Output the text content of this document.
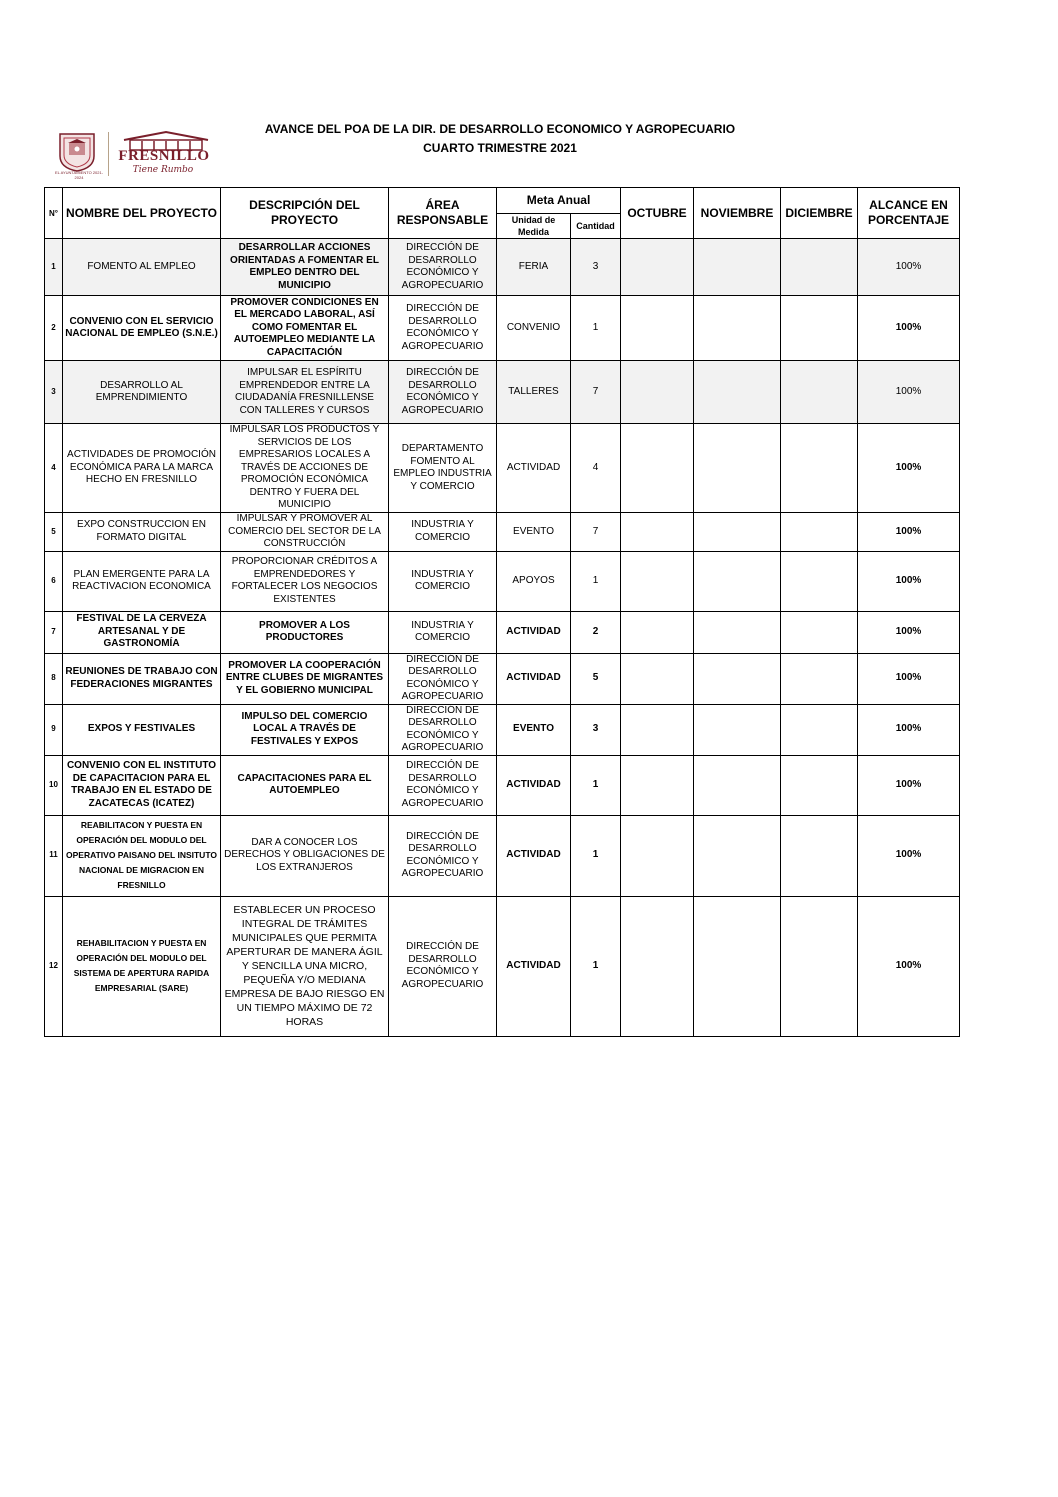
EL AYUNTAMIENTO 2021-2024
FRESNILLO
Tiene Rumbo
AVANCE DEL POA DE LA DIR. DE DESARROLLO ECONOMICO Y AGROPECUARIO
CUARTO TRIMESTRE 2021
N°	NOMBRE DEL PROYECTO	DESCRIPCIÓN DEL PROYECTO	ÁREA RESPONSABLE	Meta Anual		OCTUBRE	NOVIEMBRE	DICIEMBRE	ALCANCE EN PORCENTAJE
				Unidad de Medida	Cantidad				
1	FOMENTO AL EMPLEO	DESARROLLAR ACCIONES ORIENTADAS A FOMENTAR EL EMPLEO DENTRO DEL MUNICIPIO	DIRECCIÓN DE DESARROLLO ECONÓMICO Y AGROPECUARIO	FERIA	3				100%
2	CONVENIO CON EL SERVICIO NACIONAL DE EMPLEO (S.N.E.)	PROMOVER CONDICIONES EN EL MERCADO LABORAL, ASÍ COMO FOMENTAR EL AUTOEMPLEO MEDIANTE LA CAPACITACIÓN	DIRECCIÓN DE DESARROLLO ECONÓMICO Y AGROPECUARIO	CONVENIO	1				100%
3	DESARROLLO AL EMPRENDIMIENTO	IMPULSAR EL ESPÍRITU EMPRENDEDOR ENTRE LA CIUDADANÍA FRESNILLENSE CON TALLERES Y CURSOS	DIRECCIÓN DE DESARROLLO ECONÓMICO Y AGROPECUARIO	TALLERES	7				100%
4	ACTIVIDADES DE PROMOCIÓN ECONÓMICA PARA LA MARCA HECHO EN FRESNILLO	IMPULSAR LOS PRODUCTOS Y SERVICIOS DE LOS EMPRESARIOS LOCALES A TRAVÉS DE ACCIONES DE PROMOCIÓN ECONÓMICA DENTRO Y FUERA DEL MUNICIPIO	DEPARTAMENTO FOMENTO AL EMPLEO INDUSTRIA Y COMERCIO	ACTIVIDAD	4				100%
5	EXPO CONSTRUCCION EN FORMATO DIGITAL	IMPULSAR Y PROMOVER AL COMERCIO DEL SECTOR DE LA CONSTRUCCIÓN	INDUSTRIA Y COMERCIO	EVENTO	7				100%
6	PLAN EMERGENTE PARA LA REACTIVACION ECONOMICA	PROPORCIONAR CRÉDITOS A EMPRENDEDORES Y FORTALECER LOS NEGOCIOS EXISTENTES	INDUSTRIA Y COMERCIO	APOYOS	1				100%
7	FESTIVAL DE LA CERVEZA ARTESANAL Y DE GASTRONOMÍA	PROMOVER A LOS PRODUCTORES	INDUSTRIA Y COMERCIO	ACTIVIDAD	2				100%
8	REUNIONES DE TRABAJO CON FEDERACIONES MIGRANTES	PROMOVER LA COOPERACIÓN ENTRE CLUBES DE MIGRANTES Y EL GOBIERNO MUNICIPAL	DIRECCIÓN DE DESARROLLO ECONÓMICO Y AGROPECUARIO	ACTIVIDAD	5				100%
9	EXPOS Y FESTIVALES	IMPULSO DEL COMERCIO LOCAL A TRAVÉS DE FESTIVALES Y EXPOS	DIRECCIÓN DE DESARROLLO ECONÓMICO Y AGROPECUARIO	EVENTO	3				100%
10	CONVENIO CON EL INSTITUTO DE CAPACITACION PARA EL TRABAJO EN EL ESTADO DE ZACATECAS (ICATEZ)	CAPACITACIONES PARA EL AUTOEMPLEO	DIRECCIÓN DE DESARROLLO ECONÓMICO Y AGROPECUARIO	ACTIVIDAD	1				100%
11	REABILITACON Y PUESTA EN OPERACIÓN DEL MODULO DEL OPERATIVO PAISANO DEL INSITUTO NACIONAL DE MIGRACION EN FRESNILLO	DAR A CONOCER LOS DERECHOS Y OBLIGACIONES DE LOS EXTRANJEROS	DIRECCIÓN DE DESARROLLO ECONÓMICO Y AGROPECUARIO	ACTIVIDAD	1				100%
12	REHABILITACION Y PUESTA EN OPERACIÓN DEL MODULO DEL SISTEMA DE APERTURA RAPIDA EMPRESARIAL (SARE)	ESTABLECER UN PROCESO INTEGRAL DE TRÁMITES MUNICIPALES QUE PERMITA APERTURAR DE MANERA ÁGIL Y SENCILLA UNA MICRO, PEQUEÑA Y/O MEDIANA EMPRESA DE BAJO RIESGO EN UN TIEMPO MÁXIMO DE 72 HORAS	DIRECCIÓN DE DESARROLLO ECONÓMICO Y AGROPECUARIO	ACTIVIDAD	1				100%
